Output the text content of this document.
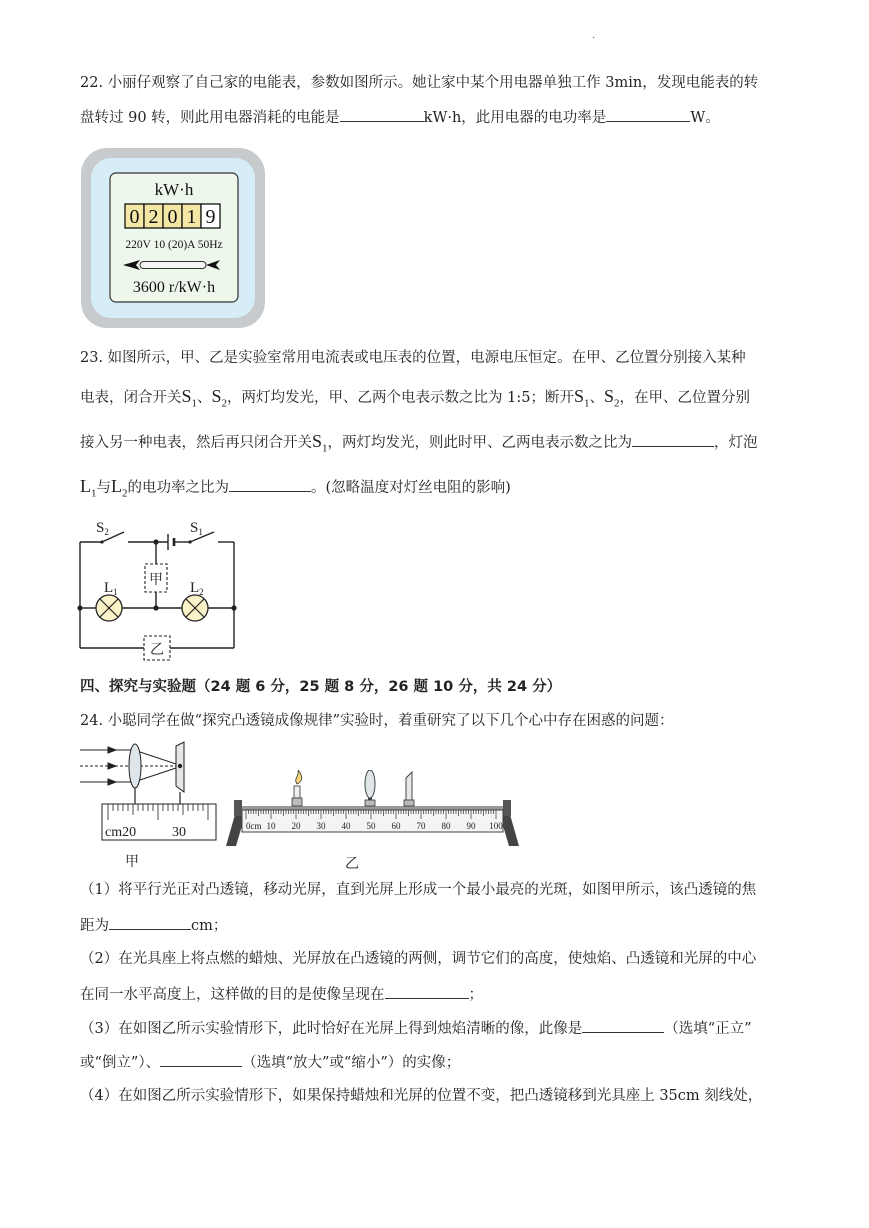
.
22. 小丽仔观察了自己家的电能表，参数如图所示。她让家中某个用电器单独工作 3min，发现电能表的转
盘转过 90 转，则此用电器消耗的电能是	kW·h，此用电器的电功率是	W。
kW·h
0 2 0 1 9
220V 10 (20)A 50Hz
3600 r/kW·h
23. 如图所示，甲、乙是实验室常用电流表或电压表的位置，电源电压恒定。在甲、乙位置分别接入某种
电表，闭合开关$S_1$、$S_2$，两灯均发光，甲、乙两个电表示数之比为 1:5；断开$S_1$、$S_2$，在甲、乙位置分别
接入另一种电表，然后再只闭合开关$S_1$，两灯均发光，则此时甲、乙两电表示数之比为	，灯泡
$L_1$与$L_2$的电功率之比为	。(忽略温度对灯丝电阻的影响)
甲
乙
$S_2$	$S_1$
$L_1$	$L_2$
四、探究与实验题（24 题 6 分，25 题 8 分，26 题 10 分，共 24 分）
24. 小聪同学在做“探究凸透镜成像规律”实验时，着重研究了以下几个心中存在困惑的问题：
cm20	30
甲
0cm 10 20 30 40 50 60 70 80 90 100
乙
（1）将平行光正对凸透镜，移动光屏，直到光屏上形成一个最小最亮的光斑，如图甲所示，该凸透镜的焦
距为	cm；
（2）在光具座上将点燃的蜡烛、光屏放在凸透镜的两侧，调节它们的高度，使烛焰、凸透镜和光屏的中心
在同一水平高度上，这样做的目的是使像呈现在	；
（3）在如图乙所示实验情形下，此时恰好在光屏上得到烛焰清晰的像，此像是	（选填“正立”
或“倒立”）、	（选填“放大”或“缩小”）的实像；
（4）在如图乙所示实验情形下，如果保持蜡烛和光屏的位置不变，把凸透镜移到光具座上 35cm 刻线处，
